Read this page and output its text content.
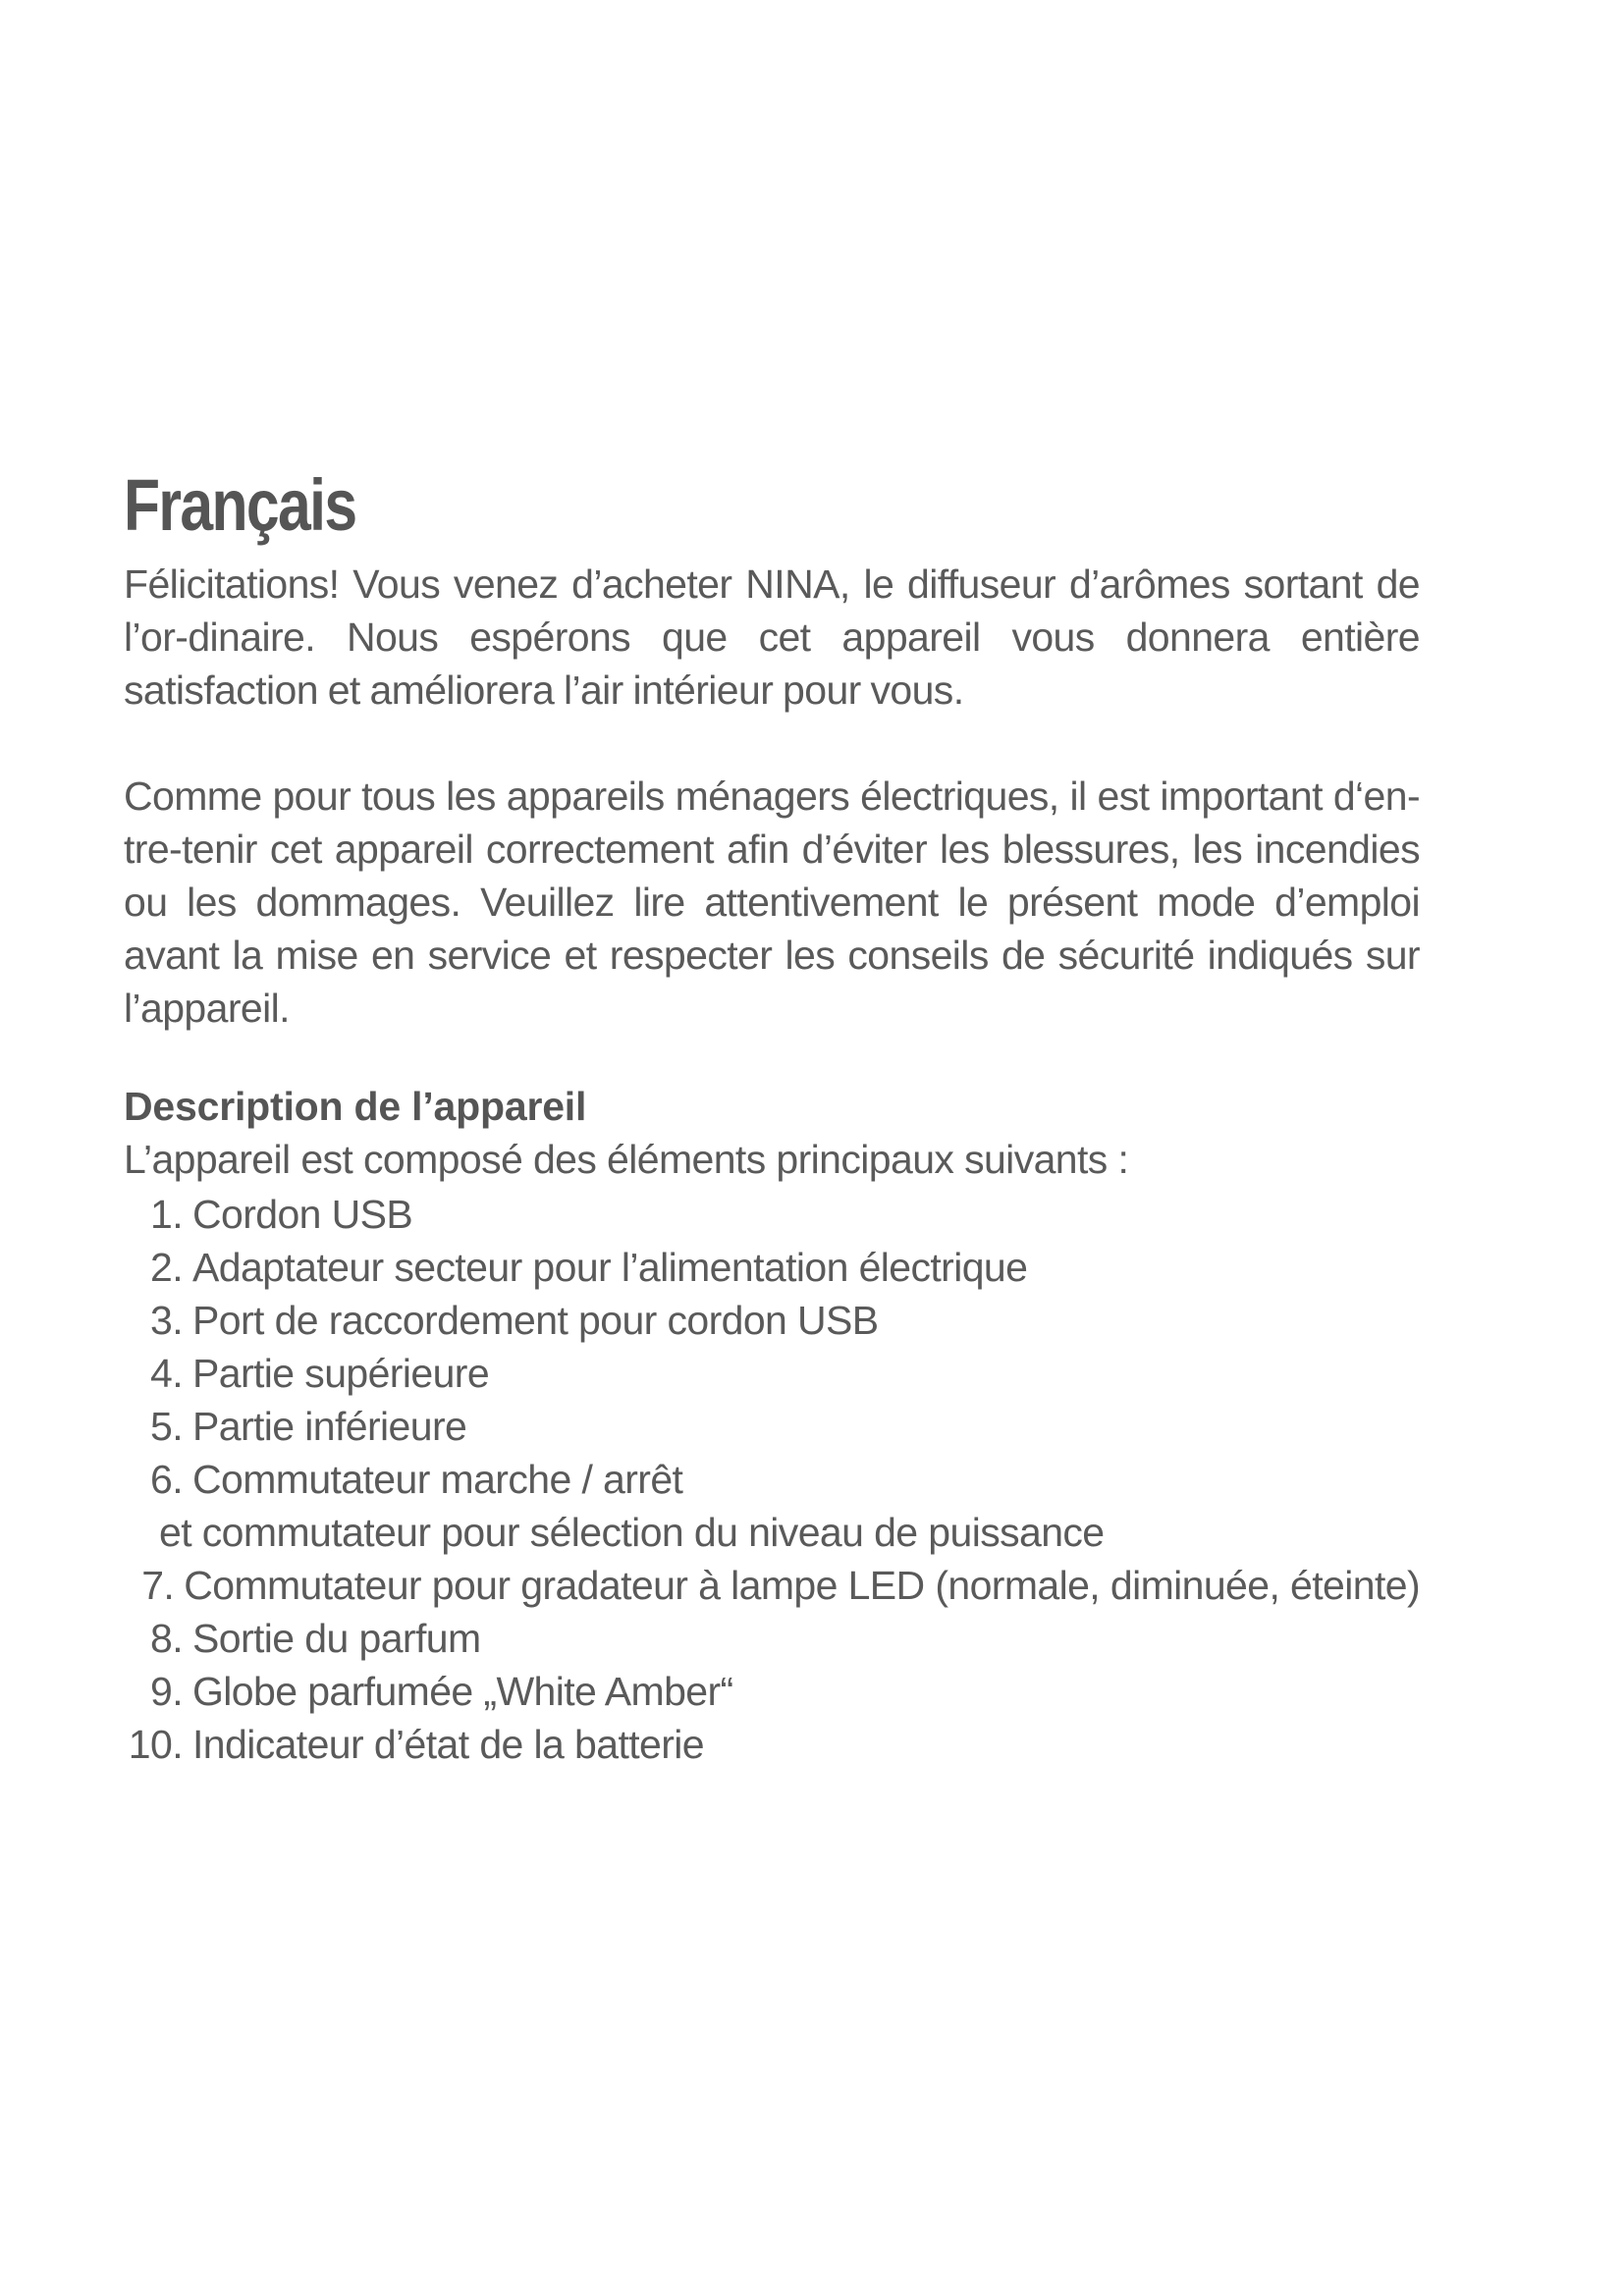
Français

Félicitations! Vous venez d’acheter NINA, le diffuseur d’arômes sortant de l’or-dinaire. Nous espérons que cet appareil vous donnera entière satisfaction et améliorera l’air intérieur pour vous.

Comme pour tous les appareils ménagers électriques, il est important d‘en-tre-tenir cet appareil correctement afin d’éviter les blessures, les incendies ou les dommages. Veuillez lire attentivement le présent mode d’emploi avant la mise en service et respecter les conseils de sécurité indiqués sur l’appareil.

Description de l’appareil

L’appareil est composé des éléments principaux suivants :

1. Cordon USB
2. Adaptateur secteur pour l’alimentation électrique
3. Port de raccordement pour cordon USB
4. Partie supérieure
5. Partie inférieure
6. Commutateur marche / arrêt
et commutateur pour sélection du niveau de puissance
7. Commutateur pour gradateur à lampe LED (normale, diminuée, éteinte)
8. Sortie du parfum
9. Globe parfumée „White Amber“
10. Indicateur d’état de la batterie
